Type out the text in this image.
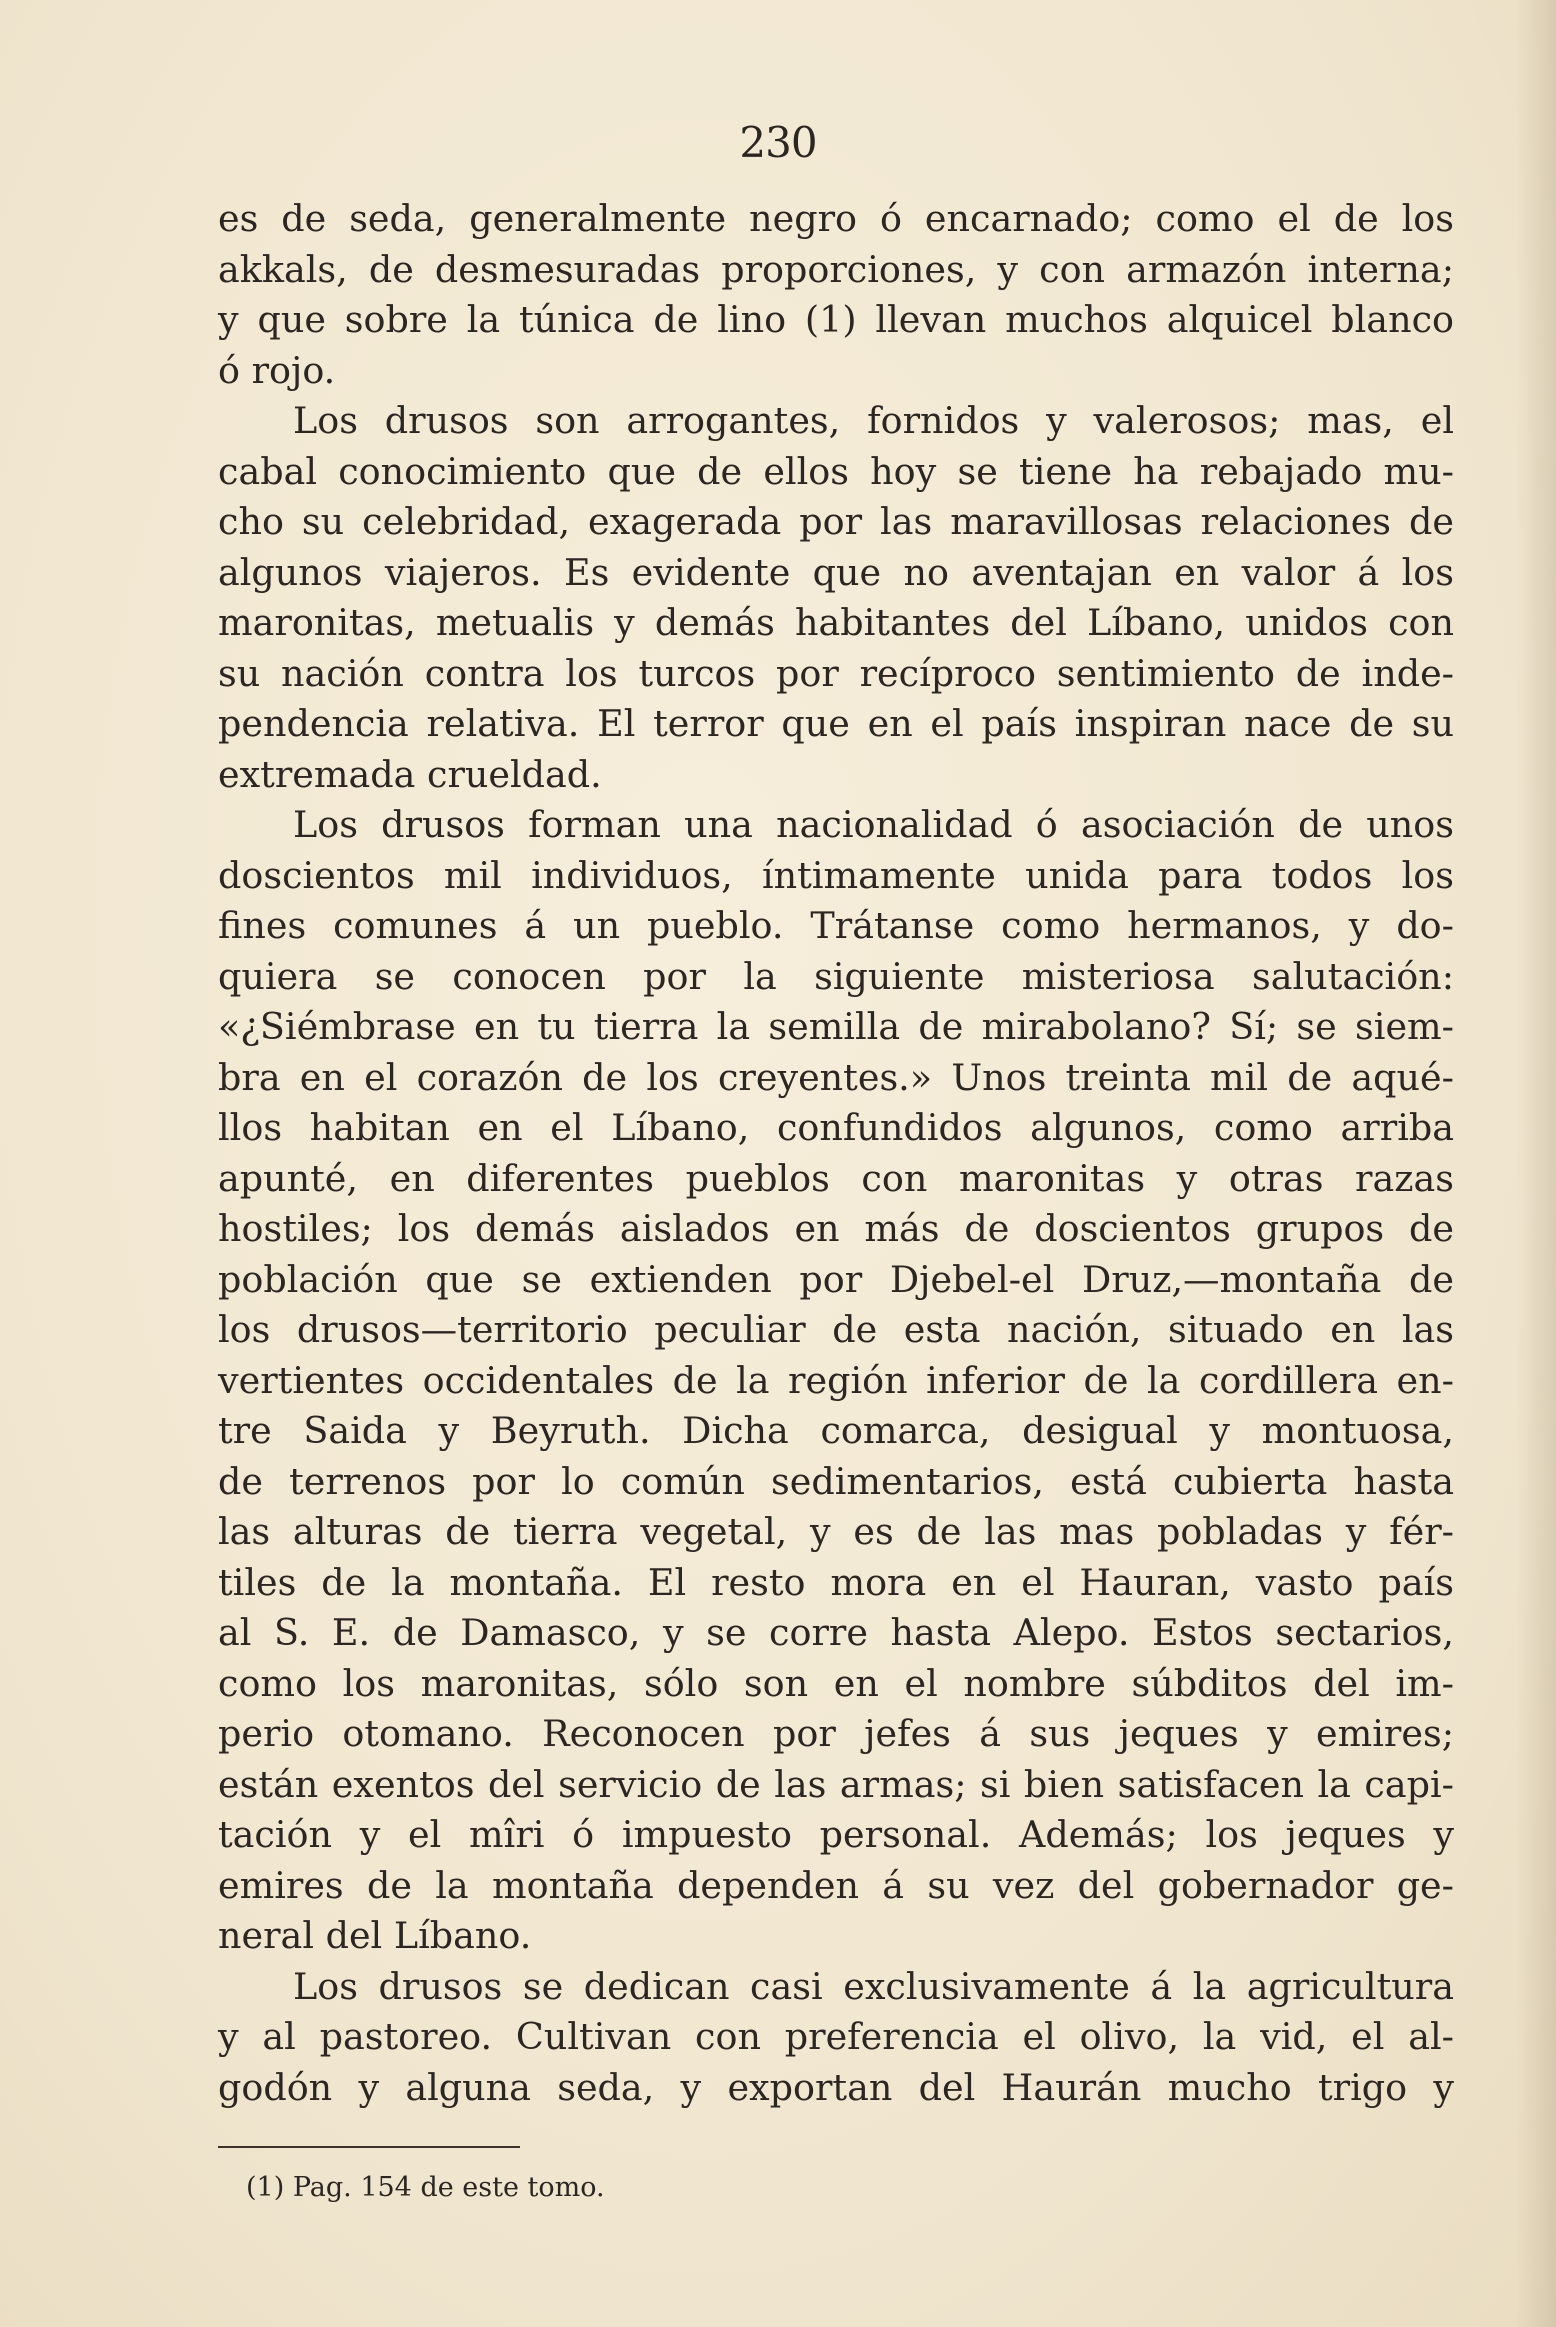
230
es de seda, generalmente negro ó encarnado; como el de los
akkals, de desmesuradas proporciones, y con armazón interna;
y que sobre la túnica de lino (1) llevan muchos alquicel blanco
ó rojo.
Los drusos son arrogantes, fornidos y valerosos; mas, el
cabal conocimiento que de ellos hoy se tiene ha rebajado mu-
cho su celebridad, exagerada por las maravillosas relaciones de
algunos viajeros. Es evidente que no aventajan en valor á los
maronitas, metualis y demás habitantes del Líbano, unidos con
su nación contra los turcos por recíproco sentimiento de inde-
pendencia relativa. El terror que en el país inspiran nace de su
extremada crueldad.
Los drusos forman una nacionalidad ó asociación de unos
doscientos mil individuos, íntimamente unida para todos los
fines comunes á un pueblo. Trátanse como hermanos, y do-
quiera se conocen por la siguiente misteriosa salutación:
«¿Siémbrase en tu tierra la semilla de mirabolano? Sí; se siem-
bra en el corazón de los creyentes.» Unos treinta mil de aqué-
llos habitan en el Líbano, confundidos algunos, como arriba
apunté, en diferentes pueblos con maronitas y otras razas
hostiles; los demás aislados en más de doscientos grupos de
población que se extienden por Djebel-el Druz,—montaña de
los drusos—territorio peculiar de esta nación, situado en las
vertientes occidentales de la región inferior de la cordillera en-
tre Saida y Beyruth. Dicha comarca, desigual y montuosa,
de terrenos por lo común sedimentarios, está cubierta hasta
las alturas de tierra vegetal, y es de las mas pobladas y fér-
tiles de la montaña. El resto mora en el Hauran, vasto país
al S. E. de Damasco, y se corre hasta Alepo. Estos sectarios,
como los maronitas, sólo son en el nombre súbditos del im-
perio otomano. Reconocen por jefes á sus jeques y emires;
están exentos del servicio de las armas; si bien satisfacen la capi-
tación y el mîri ó impuesto personal. Además; los jeques y
emires de la montaña dependen á su vez del gobernador ge-
neral del Líbano.
Los drusos se dedican casi exclusivamente á la agricultura
y al pastoreo. Cultivan con preferencia el olivo, la vid, el al-
godón y alguna seda, y exportan del Haurán mucho trigo y
(1) Pag. 154 de este tomo.
